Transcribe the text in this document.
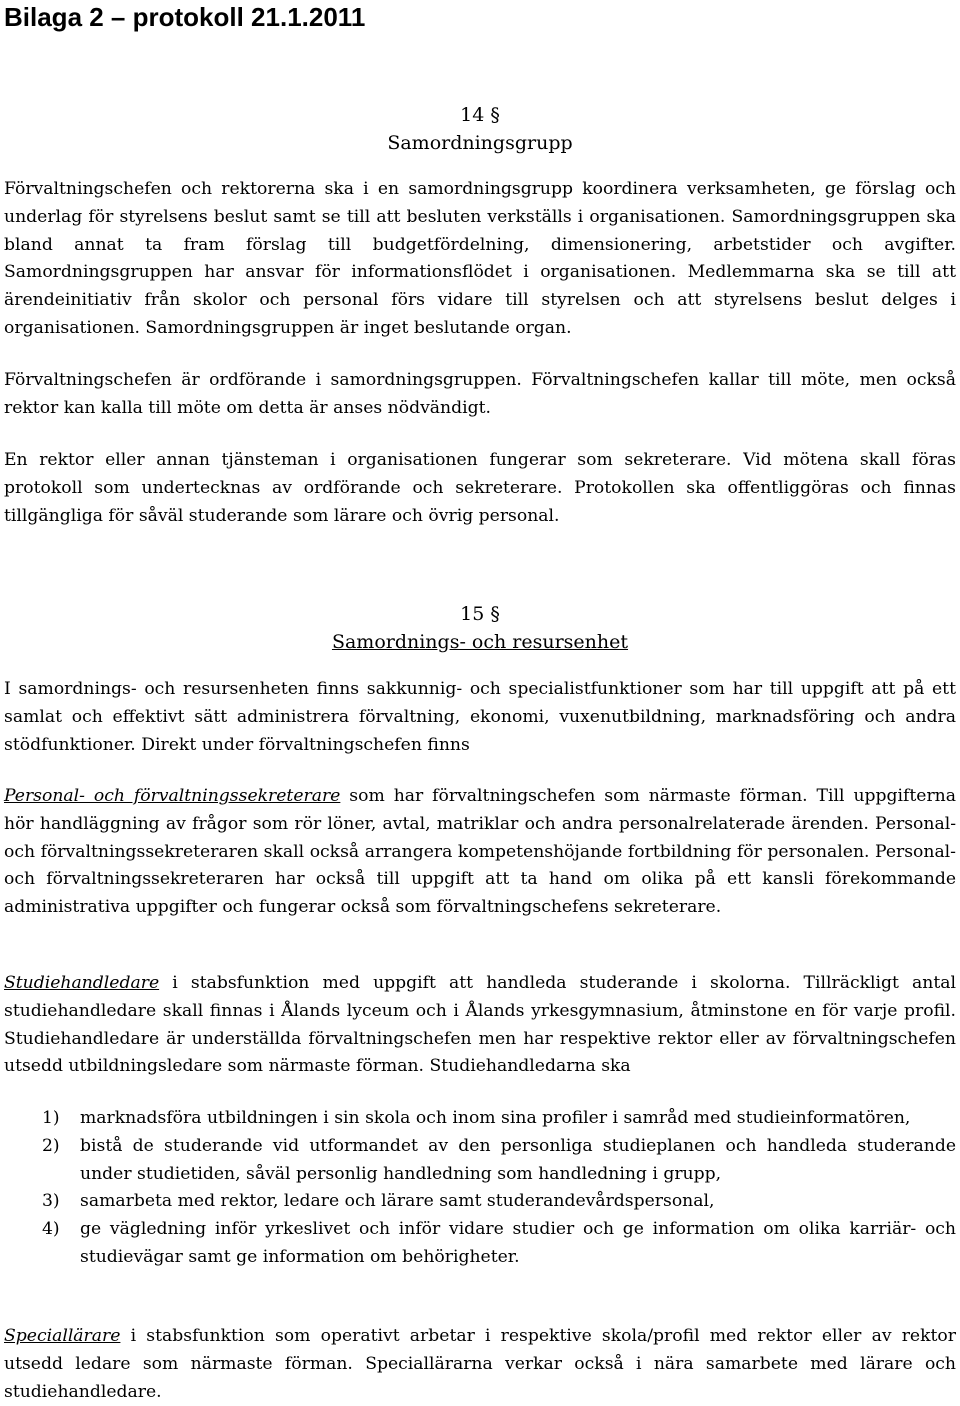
Bilaga 2 – protokoll 21.1.2011
14 §
Samordningsgrupp

Förvaltningschefen och rektorerna ska i en samordningsgrupp koordinera verksamheten, ge förslag och underlag för styrelsens beslut samt se till att besluten verkställs i organisationen. Samordningsgruppen ska bland annat ta fram förslag till budgetfördelning, dimensionering, arbetstider och avgifter. Samordningsgruppen har ansvar för informationsflödet i organisationen. Medlemmarna ska se till att ärendeinitiativ från skolor och personal förs vidare till styrelsen och att styrelsens beslut delges i organisationen. Samordningsgruppen är inget beslutande organ.

Förvaltningschefen är ordförande i samordningsgruppen. Förvaltningschefen kallar till möte, men också rektor kan kalla till möte om detta är anses nödvändigt.

En rektor eller annan tjänsteman i organisationen fungerar som sekreterare. Vid mötena skall föras protokoll som undertecknas av ordförande och sekreterare. Protokollen ska offentliggöras och finnas tillgängliga för såväl studerande som lärare och övrig personal.

15 §
Samordnings- och resursenhet

I samordnings- och resursenheten finns sakkunnig- och specialistfunktioner som har till uppgift att på ett samlat och effektivt sätt administrera förvaltning, ekonomi, vuxenutbildning, marknadsföring och andra stödfunktioner. Direkt under förvaltningschefen finns

Personal- och förvaltningssekreterare som har förvaltningschefen som närmaste förman. Till uppgifterna hör handläggning av frågor som rör löner, avtal, matriklar och andra personalrelaterade ärenden. Personal- och förvaltningssekreteraren skall också arrangera kompetenshöjande fortbildning för personalen. Personal- och förvaltningssekreteraren har också till uppgift att ta hand om olika på ett kansli förekommande administrativa uppgifter och fungerar också som förvaltningschefens sekreterare.

Studiehandledare i stabsfunktion med uppgift att handleda studerande i skolorna. Tillräckligt antal studiehandledare skall finnas i Ålands lyceum och i Ålands yrkesgymnasium, åtminstone en för varje profil. Studiehandledare är underställda förvaltningschefen men har respektive rektor eller av förvaltningschefen utsedd utbildningsledare som närmaste förman. Studiehandledarna ska

1) marknadsföra utbildningen i sin skola och inom sina profiler i samråd med studieinformatören,
2) bistå de studerande vid utformandet av den personliga studieplanen och handleda studerande under studietiden, såväl personlig handledning som handledning i grupp,
3) samarbeta med rektor, ledare och lärare samt studerandevårdspersonal,
4) ge vägledning inför yrkeslivet och inför vidare studier och ge information om olika karriär- och studievägar samt ge information om behörigheter.

Speciallärare i stabsfunktion som operativt arbetar i respektive skola/profil med rektor eller av rektor utsedd ledare som närmaste förman. Speciallärarna verkar också i nära samarbete med lärare och studiehandledare.
